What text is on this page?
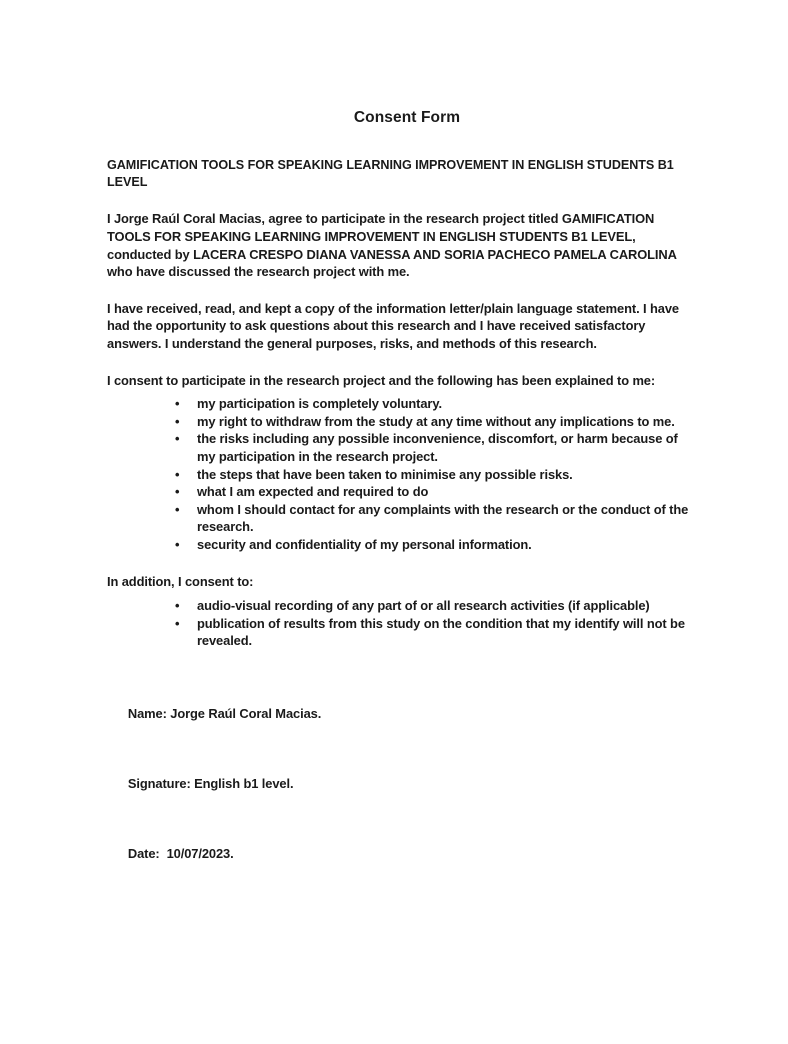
Consent Form

GAMIFICATION TOOLS FOR SPEAKING LEARNING IMPROVEMENT IN ENGLISH STUDENTS B1 LEVEL

I Jorge Raúl Coral Macias, agree to participate in the research project titled GAMIFICATION TOOLS FOR SPEAKING LEARNING IMPROVEMENT IN ENGLISH STUDENTS B1 LEVEL, conducted by LACERA CRESPO DIANA VANESSA AND SORIA PACHECO PAMELA CAROLINA who have discussed the research project with me.

I have received, read, and kept a copy of the information letter/plain language statement. I have had the opportunity to ask questions about this research and I have received satisfactory answers. I understand the general purposes, risks, and methods of this research.

I consent to participate in the research project and the following has been explained to me:

• my participation is completely voluntary.
• my right to withdraw from the study at any time without any implications to me.
• the risks including any possible inconvenience, discomfort, or harm because of my participation in the research project.
• the steps that have been taken to minimise any possible risks.
• what I am expected and required to do
• whom I should contact for any complaints with the research or the conduct of the research.
• security and confidentiality of my personal information.

In addition, I consent to:

• audio-visual recording of any part of or all research activities (if applicable)
• publication of results from this study on the condition that my identify will not be revealed.

Name: Jorge Raúl Coral Macias.

Signature: English b1 level.

Date:  10/07/2023.
